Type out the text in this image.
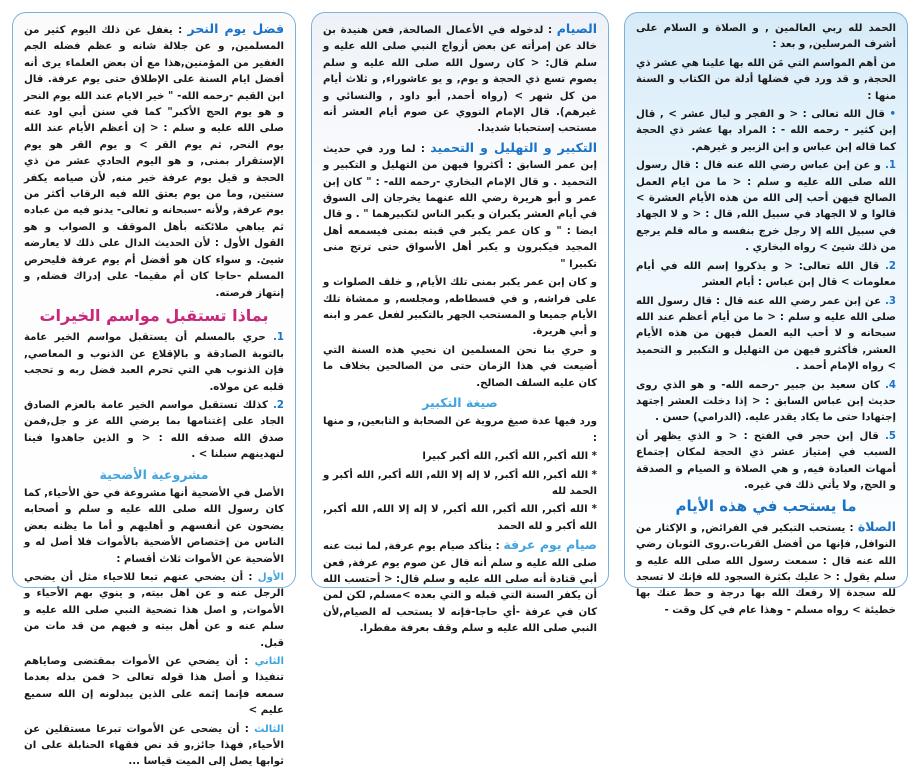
الحمد لله ربي العالمين , و الصلاة و السلام على أشرف المرسلين, و بعد :

من أهم المواسم التي مَن الله بها علينا هي عشر ذي الحجة, و قد ورد في فضلها أدلة من الكتاب و السنة منها :

• قال الله تعالى : < و الفجر و ليال عشر > , قال إبن كثير - رحمه الله - : المراد بها عشر ذي الحجة كما قاله إبن عباس و إبن الزبير و غيرهم.

1. و عن إبن عباس رضي الله عنه قال : قال رسول الله صلى الله عليه و سلم : < ما من ايام العمل الصالح فيهن أحب إلى الله من هذه الأيام العشرة > قالوا و لا الجهاد في سبيل الله, قال : < و لا الجهاد في سبيل الله إلا رجل خرج بنفسه و ماله فلم يرجع من ذلك شيئ > رواه البخاري .

2. قال الله تعالى: < و يذكروا إسم الله في أيام معلومات > قال إبن عباس : أيام العشر

3. عن إبن عمر رضي الله عنه قال : قال رسول الله صلى الله عليه و سلم : < ما من أيام أعظم عند الله سبحانه و لا أحب اليه العمل فيهن من هذه الأيام العشر, فأكثرو فيهن من التهليل و التكبير و التحميد > رواه الإمام أحمد .

4. كان سعيد بن جبير -رحمه الله- و هو الذي روى حديث إبن عباس السابق : < إذا دخلت العشر إجتهد إجتهادا حتى ما يكاد يقدر عليه. (الدرامي) حسن .

5. قال إبن حجر في الفتح : < و الذي يظهر أن السبب في إمتياز عشر ذي الحجة لمكان إجتماع أمهات العبادة فيه, و هي الصلاة و الصيام و الصدقة و الحج, ولا يأتي ذلك في غيره.

ما يستحب في هذه الأيام

الصلاة : يستحب التبكير في الفرائض, و الإكثار من النوافل, فإنها من أفضل القربات.روى الثوبان رضي الله عنه قال : سمعت رسول الله صلى الله عليه و سلم يقول : < عليك بكثرة السجود لله فإنك لا تسجد لله سجدة إلا رفعك الله بها درجة و حط عنك بها خطيئة > رواه مسلم - وهذا عام في كل وقت -

الصيام : لدخوله في الأعمال الصالحة, فعن هنيدة بن خالد عن إمرأته عن بعض أزواج النبي صلى الله عليه و سلم قال: < كان رسول الله صلى الله عليه و سلم يصوم تسع ذي الحجة و يوم, و يو عاشوراء, و ثلاث أيام من كل شهر > (رواه أحمد, أبو داود , والنسائي و غيرهم). قال الإمام النووي عن صوم أيام العشر أنه مستحب إستحبابا شديدا.

التكبير و التهليل و التحميد : لما ورد في حديث إبن عمر السابق : أكثروا فيهن من التهليل و التكبير و التحميد . و قال الإمام البخاري -رحمه الله- : " كان إبن عمر و أبو هريرة رضي الله عنهما يخرجان إلى السوق في أيام العشر يكبران و يكبر الناس لتكبيرهما " . و قال ايضا : " و كان عمر يكبر في قبته بمنى فيسمعه أهل المجيد فيكبرون و يكبر أهل الأسواق حتى ترتج منى تكبيرا "

و كان إبن عمر يكبر بمنى تلك الأيام, و خلف الصلوات و على فراشه, و في فسطاطه, ومجلسه, و ممشاة تلك الأيام جميعا و المستحب الجهر بالتكبير لفعل عمر و ابنه و أبي هريرة.

و حري بنا نحن المسلمين ان نحيي هذه السنة التي أضيعت في هذا الزمان حتى من الصالحين بخلاف ما كان عليه السلف الصالح.

صيغة التكبير

ورد فيها عدة صيغ مروية عن الصحابة و التابعين, و منها :

* الله أكبر, الله أكبر, الله أكبر كبيرا

* الله أكبر, الله أكبر, لا إله إلا الله, الله أكبر, الله أكبر و الحمد لله

* الله أكبر, الله أكبر, الله أكبر, لا إله إلا الله, الله أكبر, الله أكبر و لله الحمد

صيام يوم عرفة : يتأكد صيام يوم عرفة, لما ثبت عنه صلى الله عليه و سلم أنه قال عن صوم يوم عرفة, فعن أبي قتادة أنه صلى الله عليه و سلم قال: < أحتسب الله أن يكفر السنة التي قبله و التي بعده >مسلم, لكن لمن كان في عرفة -أي حاجا-فإنه لا يستحب له الصيام,لأن النبي صلى الله عليه و سلم وقف بعرفة مفطرا.

فضل يوم النحر : يغفل عن ذلك اليوم كثير من المسلمين, و عن جلالة شانه و عظم فضله الجم الغفير من المؤمنين,هذا مع أن بعض العلماء يرى أنه أفضل ايام السنة على الإطلاق حتى يوم عرفة. قال ابن القيم -رحمه الله- " خير الايام عند الله يوم النحر و هو يوم الحج الأكبر" كما في سنن أبي اود عنه صلى الله عليه و سلم : < إن أعظم الأيام عند الله يوم النحر, ثم يوم القر > و يوم القر هو يوم الإستقرار بمنى, و هو اليوم الحادي عشر من ذي الحجة و قيل يوم عرفة خير منه, لأن صيامه يكفر سنتين, وما من يوم يعتق الله فيه الرقاب أكثر من يوم عرفة, ولأنه -سبحانه و تعالى- يدنو فيه من عباده ثم يباهي ملائكته بأهل الموقف و الصواب و هو القول الأول : لأن الحديث الدال على ذلك لا يعارضه شيئ. و سواء كان هو أفضل أم يوم عرفة فليحرص المسلم -حاجا كان أم مقيما- على إدراك فضله, و إنتهاز فرصته.

بماذا تستقبل مواسم الخيرات

1. حري بالمسلم أن يستقبل مواسم الخير عامة بالتوبة الصادقة و بالإقلاع عن الذنوب و المعاصي, فإن الذنوب هي التي تحرم العبد فضل ربه و تحجب قلبه عن مولاه.

2. كذلك تستقبل مواسم الخير عامة بالعزم الصادق الجاد على إغتنامها بما يرضي الله عز و جل,فمن صدق الله صدقه الله : < و الذين جاهدوا فينا لنهدينهم سبلنا > .

مشروعية الأضحية

الأصل في الأضحية أنها مشروعة في حق الأحياء, كما كان رسول الله صلى الله عليه و سلم و أصحابه يضحون عن أنفسهم و أهليهم و أما ما يظنه بعض الناس من إختصاص الأضحية بالأموات فلا أصل له و الأضحية عن الأموات ثلاث أقسام :

الأول : أن يضحي عنهم تبعا للاحياء مثل أن يضحي الرجل عنه و عن اهل بيته, و ينوي بهم الأحياء و الأموات, و اصل هذا تضحية النبي صلى الله عليه و سلم عنه و عن أهل بيته و فيهم من قد مات من قبل.

الثاني : أن يضحي عن الأموات بمقتضى وصاياهم تنفيذا و أصل هذا قوله تعالى < فمن بدله بعدما سمعه فإنما إثمه على الذين يبدلونه إن الله سميع عليم >

الثالث : أن يضحى عن الأموات تبرعا مستقلين عن الأحياء, فهذا جائز,و قد نص فقهاء الحنابلة على ان ثوابها يصل إلى الميت قياسا ...
